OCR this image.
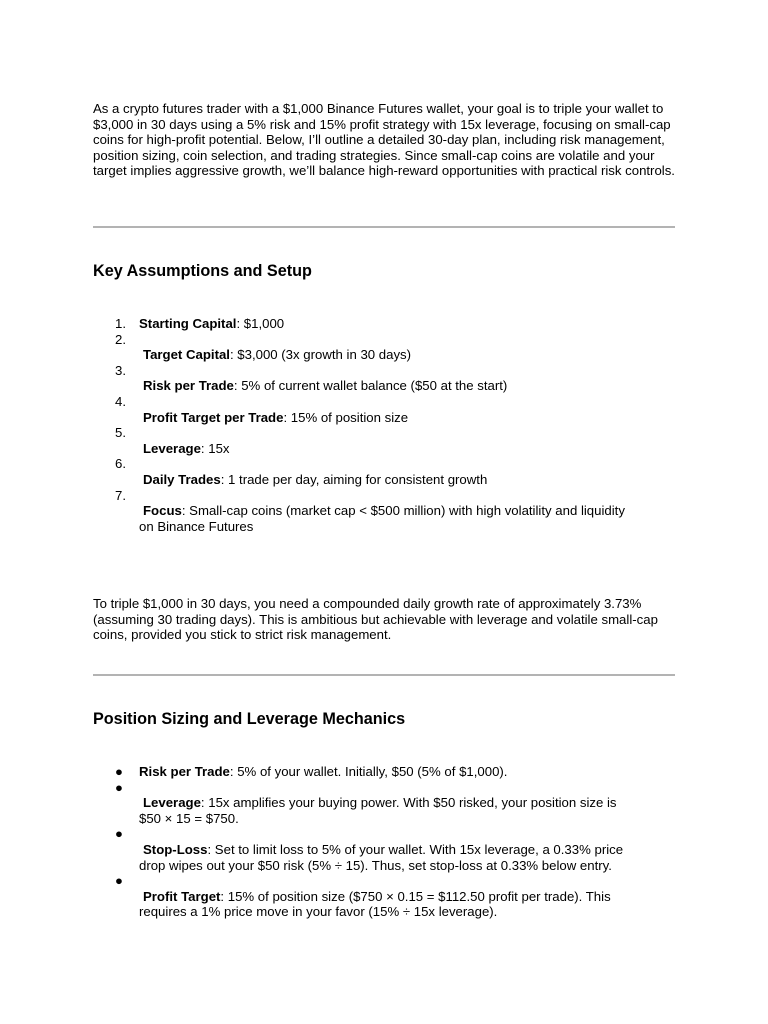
As a crypto futures trader with a $1,000 Binance Futures wallet, your goal is to triple your wallet to $3,000 in 30 days using a 5% risk and 15% profit strategy with 15x leverage, focusing on small-cap coins for high-profit potential. Below, I’ll outline a detailed 30-day plan, including risk management, position sizing, coin selection, and trading strategies. Since small-cap coins are volatile and your target implies aggressive growth, we’ll balance high-reward opportunities with practical risk controls.

Key Assumptions and Setup
1. Starting Capital: $1,000
2.
Target Capital: $3,000 (3x growth in 30 days)
3.
Risk per Trade: 5% of current wallet balance ($50 at the start)
4.
Profit Target per Trade: 15% of position size
5.
Leverage: 15x
6.
Daily Trades: 1 trade per day, aiming for consistent growth
7.
Focus: Small-cap coins (market cap < $500 million) with high volatility and liquidity
on Binance Futures

To triple $1,000 in 30 days, you need a compounded daily growth rate of approximately 3.73% (assuming 30 trading days). This is ambitious but achievable with leverage and volatile small-cap coins, provided you stick to strict risk management.

Position Sizing and Leverage Mechanics
●	Risk per Trade: 5% of your wallet. Initially, $50 (5% of $1,000).
●
Leverage: 15x amplifies your buying power. With $50 risked, your position size is
$50 × 15 = $750.
●
Stop-Loss: Set to limit loss to 5% of your wallet. With 15x leverage, a 0.33% price
drop wipes out your $50 risk (5% ÷ 15). Thus, set stop-loss at 0.33% below entry.
●
Profit Target: 15% of position size ($750 × 0.15 = $112.50 profit per trade). This
requires a 1% price move in your favor (15% ÷ 15x leverage).
